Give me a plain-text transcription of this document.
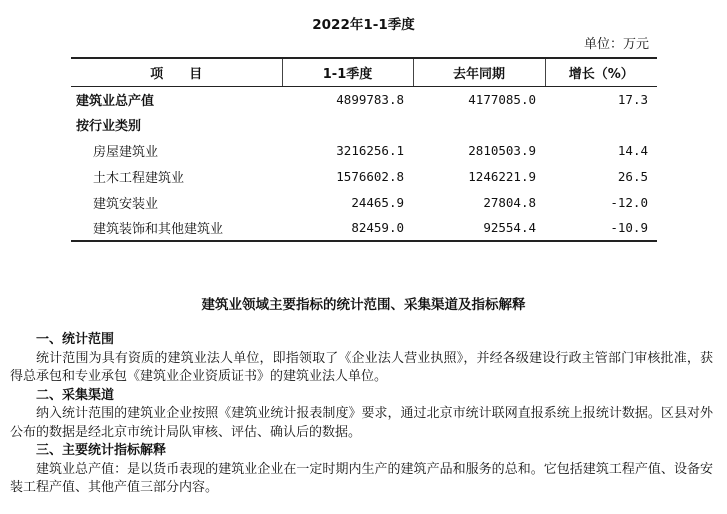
2022年1-1季度
单位：万元
项　　目	1-1季度	去年同期	增长（%）
建筑业总产值	4899783.8	4177085.0	17.3
按行业类别			
房屋建筑业	3216256.1	2810503.9	14.4
土木工程建筑业	1576602.8	1246221.9	26.5
建筑安装业	24465.9	27804.8	-12.0
建筑装饰和其他建筑业	82459.0	92554.4	-10.9
建筑业领域主要指标的统计范围、采集渠道及指标解释
一、统计范围
统计范围为具有资质的建筑业法人单位，即指领取了《企业法人营业执照》，并经各级建设行政主管部门审核批准，获得总承包和专业承包《建筑业企业资质证书》的建筑业法人单位。
二、采集渠道
纳入统计范围的建筑业企业按照《建筑业统计报表制度》要求，通过北京市统计联网直报系统上报统计数据。区县对外公布的数据是经北京市统计局队审核、评估、确认后的数据。
三、主要统计指标解释
建筑业总产值：是以货币表现的建筑业企业在一定时期内生产的建筑产品和服务的总和。它包括建筑工程产值、设备安装工程产值、其他产值三部分内容。
